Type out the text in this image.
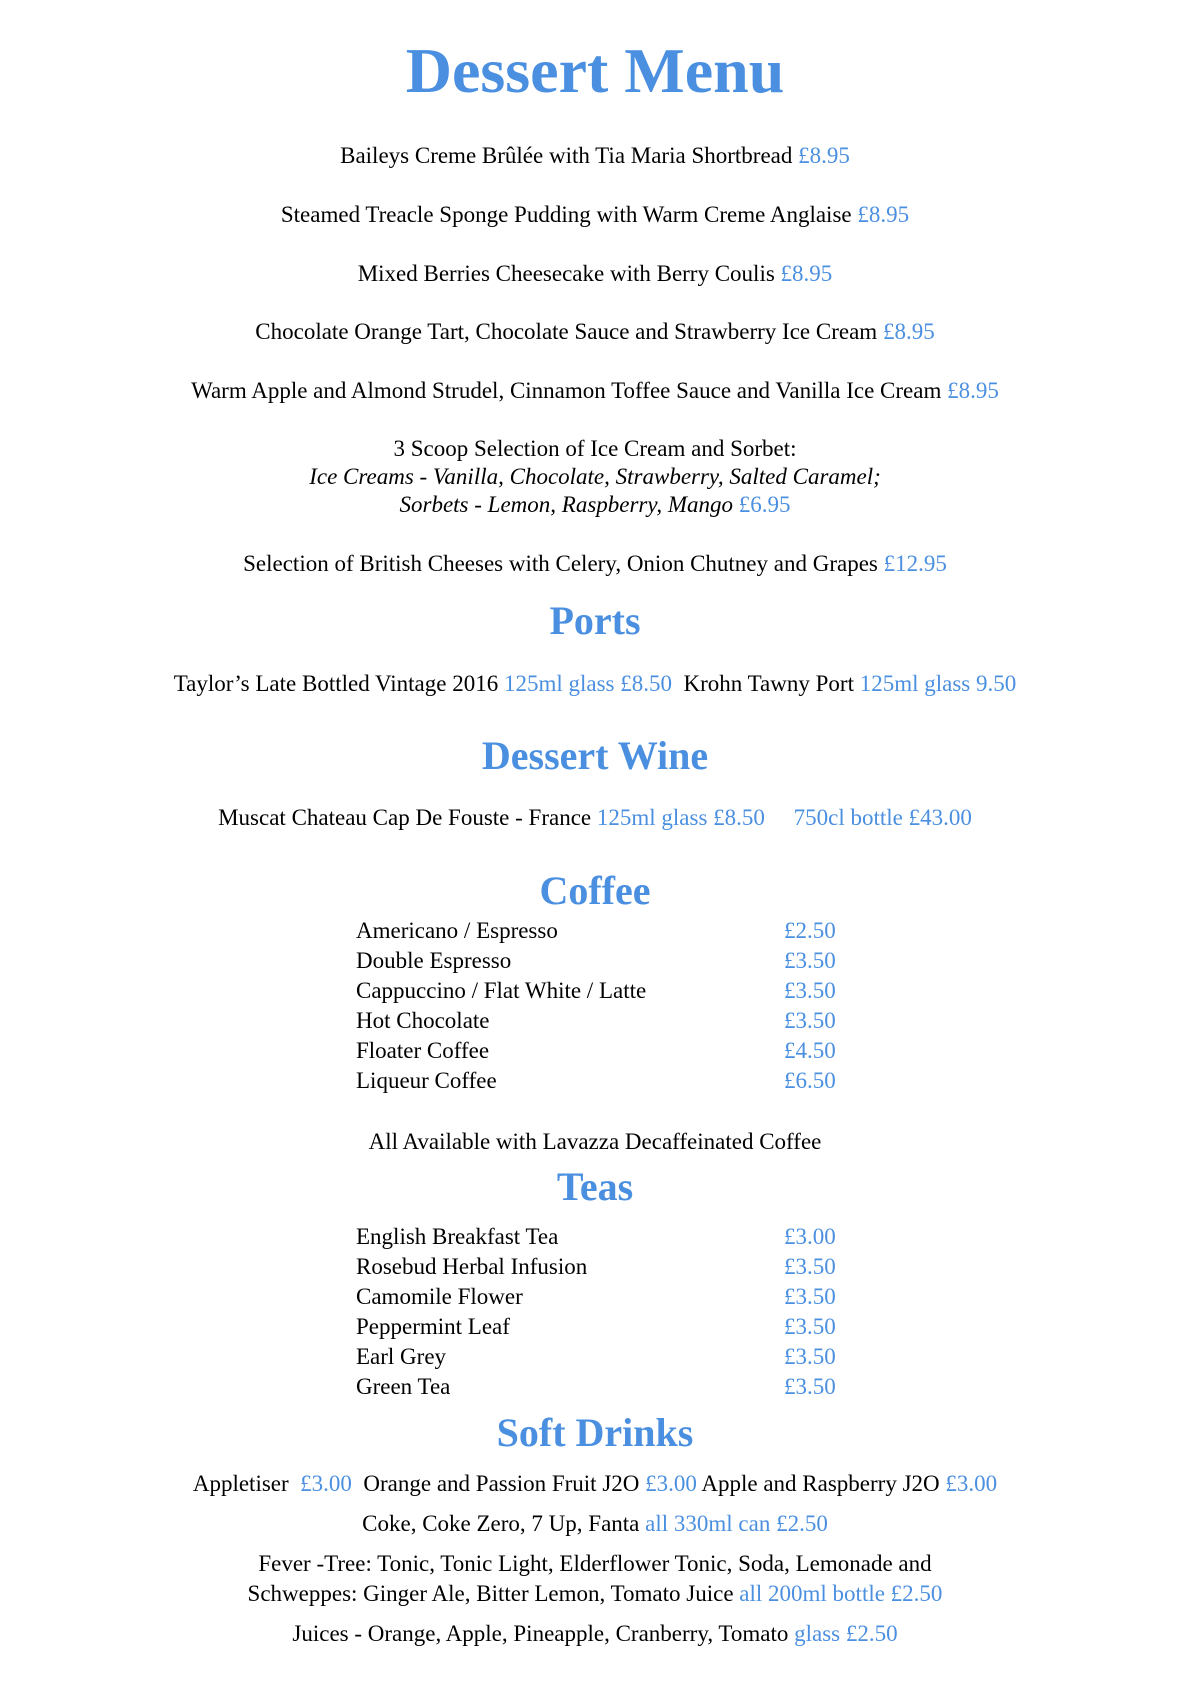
Dessert Menu
Baileys Creme Brûlée with Tia Maria Shortbread £8.95
Steamed Treacle Sponge Pudding with Warm Creme Anglaise £8.95
Mixed Berries Cheesecake with Berry Coulis £8.95
Chocolate Orange Tart, Chocolate Sauce and Strawberry Ice Cream £8.95
Warm Apple and Almond Strudel, Cinnamon Toffee Sauce and Vanilla Ice Cream £8.95
3 Scoop Selection of Ice Cream and Sorbet:
Ice Creams - Vanilla, Chocolate, Strawberry, Salted Caramel;
Sorbets - Lemon, Raspberry, Mango £6.95
Selection of British Cheeses with Celery, Onion Chutney and Grapes £12.95
Ports
Taylor’s Late Bottled Vintage 2016 125ml glass £8.50 Krohn Tawny Port 125ml glass 9.50
Dessert Wine
Muscat Chateau Cap De Fouste - France 125ml glass £8.50 750cl bottle £43.00
Coffee
Americano / Espresso	£2.50
Double Espresso	£3.50
Cappuccino / Flat White / Latte	£3.50
Hot Chocolate	£3.50
Floater Coffee	£4.50
Liqueur Coffee	£6.50
All Available with Lavazza Decaffeinated Coffee
Teas
English Breakfast Tea	£3.00
Rosebud Herbal Infusion	£3.50
Camomile Flower	£3.50
Peppermint Leaf	£3.50
Earl Grey	£3.50
Green Tea	£3.50
Soft Drinks
Appletiser £3.00 Orange and Passion Fruit J2O £3.00 Apple and Raspberry J2O £3.00
Coke, Coke Zero, 7 Up, Fanta all 330ml can £2.50
Fever -Tree: Tonic, Tonic Light, Elderflower Tonic, Soda, Lemonade and
Schweppes: Ginger Ale, Bitter Lemon, Tomato Juice all 200ml bottle £2.50
Juices - Orange, Apple, Pineapple, Cranberry, Tomato glass £2.50
